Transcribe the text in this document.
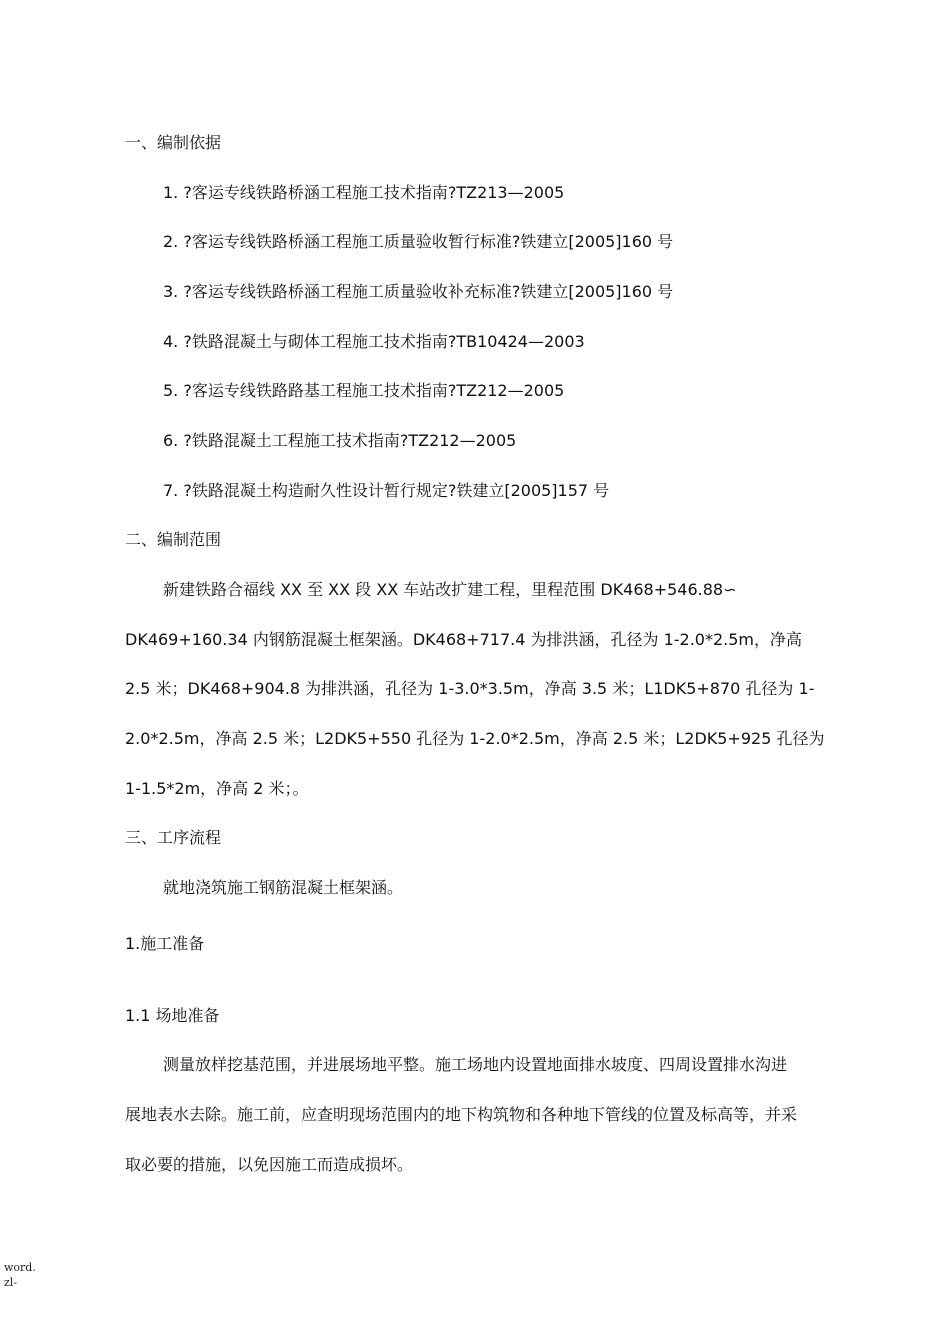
一、编制依据
1. ?客运专线铁路桥涵工程施工技术指南?TZ213—2005
2. ?客运专线铁路桥涵工程施工质量验收暂行标准?铁建立[2005]160 号
3. ?客运专线铁路桥涵工程施工质量验收补充标准?铁建立[2005]160 号
4. ?铁路混凝土与砌体工程施工技术指南?TB10424—2003
5. ?客运专线铁路路基工程施工技术指南?TZ212—2005
6. ?铁路混凝土工程施工技术指南?TZ212—2005
7. ?铁路混凝土构造耐久性设计暂行规定?铁建立[2005]157 号
二、编制范围
新建铁路合福线 XX 至 XX 段 XX 车站改扩建工程，里程范围 DK468+546.88∽
DK469+160.34 内钢筋混凝土框架涵。DK468+717.4 为排洪涵，孔径为 1-2.0*2.5m，净高
2.5 米；DK468+904.8 为排洪涵，孔径为 1-3.0*3.5m，净高 3.5 米；L1DK5+870 孔径为 1-
2.0*2.5m，净高 2.5 米；L2DK5+550 孔径为 1-2.0*2.5m，净高 2.5 米；L2DK5+925 孔径为
1-1.5*2m，净高 2 米；。
三、工序流程
就地浇筑施工钢筋混凝土框架涵。
1.施工准备
1.1 场地准备
测量放样挖基范围，并进展场地平整。施工场地内设置地面排水坡度、四周设置排水沟进
展地表水去除。施工前，应查明现场范围内的地下构筑物和各种地下管线的位置及标高等，并采
取必要的措施，以免因施工而造成损坏。
word.
zl-
